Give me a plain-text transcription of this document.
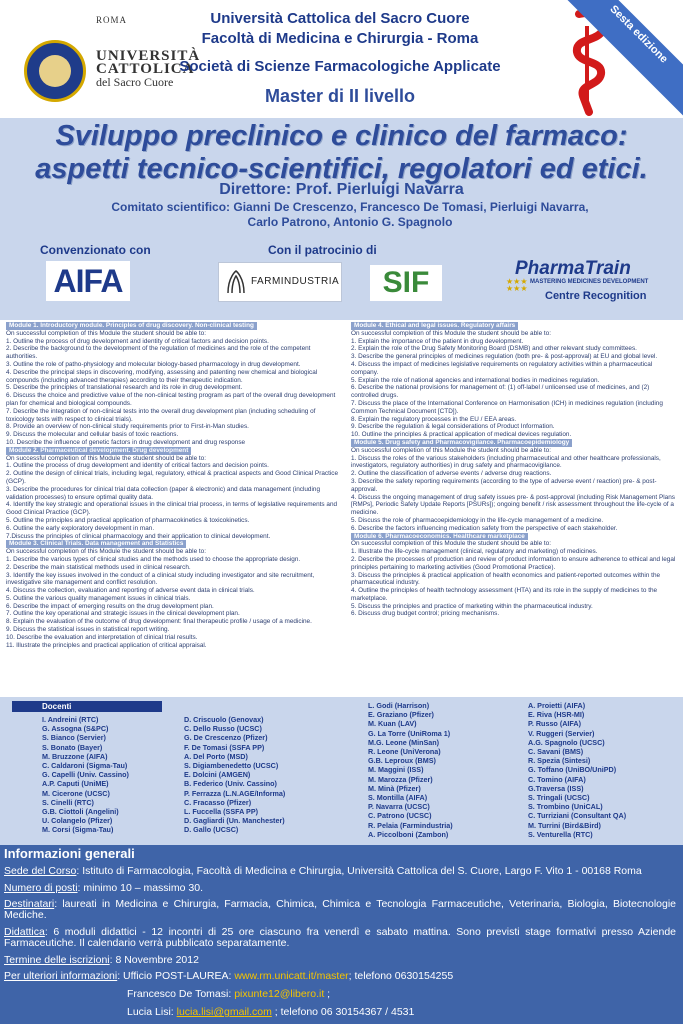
ROMA
UNIVERSITÀ
CATTOLICA
del Sacro Cuore
Università Cattolica del Sacro Cuore
Facoltà di Medicina e Chirurgia - Roma
Società di Scienze Farmacologiche Applicate
Master di II livello
Sesta edizione
Sviluppo preclinico e clinico del farmaco:
aspetti tecnico-scientifici, regolatori ed etici.
Direttore: Prof. Pierluigi Navarra
Comitato scientifico: Gianni De Crescenzo, Francesco De Tomasi, Pierluigi Navarra,
Carlo Patrono, Antonio G. Spagnolo
Convenzionato con	Con il patrocinio di
AIFA	FARMINDUSTRIA	SIF	PharmaTrain
★★★
★★★
MASTERING MEDICINES DEVELOPMENT
Centre Recognition
Module 1. Introductory module. Principles of drug discovery. Non-clinical testing
On successful completion of this Module the student should be able to:
1. Outline the process of drug development and identity of critical factors and decision points.
2. Describe the background to the development of the regulation of medicines and the role of the competent authorities.
3. Outline the role of patho-physiology and molecular biology-based pharmacology in drug development.
4. Describe the principal steps in discovering, modifying, assessing and patenting new chemical and biological compounds (including advanced therapies) according to their therapeutic indication.
5. Describe the principles of translational research and its role in drug development.
6. Discuss the choice and predictive value of the non-clinical testing program as part of the overall drug development plan for chemical and biological compounds.
7. Describe the integration of non-clinical tests into the overall drug development plan (including scheduling of toxicology tests with respect to clinical trials).
8. Provide an overview of non-clinical study requirements prior to First-in-Man studies.
9. Discuss the molecular and cellular basis of toxic reactions.
10. Describe the influence of genetic factors in drug development and drug response
Module 2. Pharmaceutical development. Drug development
On successful completion of this Module the student should be able to:
1. Outline the process of drug development and identity of critical factors and decision points.
2. Outline the design of clinical trials, including legal, regulatory, ethical & practical aspects and Good Clinical Practice (GCP).
3. Describe the procedures for clinical trial data collection (paper & electronic) and data management (including validation processes) to ensure optimal quality data.
4. Identify the key strategic and operational issues in the clinical trial process, in terms of legislative requirements and Good Clinical Practice (GCP).
5. Outline the principles and practical application of pharmacokinetics & toxicokinetics.
6. Outline the early exploratory development in man.
7.Discuss the principles of clinical pharmacology and their application to clinical development.
Module 3. Clinical Trials. Data management and Statistics
On successful completion of this Module the student should be able to:
1. Describe the various types of clinical studies and the methods used to choose the appropriate design.
2. Describe the main statistical methods used in clinical research.
3. Identify the key issues involved in the conduct of a clinical study including investigator and site recruitment, investigative site management and conflict resolution.
4. Discuss the collection, evaluation and reporting of adverse event data in clinical trials.
5. Outline the various quality management issues in clinical trials.
6. Describe the impact of emerging results on the drug development plan.
7. Outline the key operational and strategic issues in the clinical development plan.
8. Explain the evaluation of the outcome of drug development: final therapeutic profile / usage of a medicine.
9. Discuss the statistical issues in statistical report writing.
10. Describe the evaluation and interpretation of clinical trial results.
11. Illustrate the principles and practical application of critical appraisal.
Module 4. Ethical and legal issues. Regulatory affairs
On successful completion of this Module the student should be able to:
1. Explain the importance of the patient in drug development.
2. Explain the role of the Drug Safety Monitoring Board (DSMB) and other relevant study committees.
3. Describe the general principles of medicines regulation (both pre- & post-approval) at EU and global level.
4. Discuss the impact of medicines legislative requirements on regulatory activities within a pharmaceutical company.
5. Explain the role of national agencies and international bodies in medicines regulation.
6. Describe the national provisions for management of: (1) off-label / unlicensed use of medicines, and (2) controlled drugs.
7. Discuss the place of the International Conference on Harmonisation (ICH) in medicines regulation (including Common Technical Document [CTD]).
8. Explain the regulatory processes in the EU / EEA areas.
9. Describe the regulation & legal considerations of Product Information.
10. Outline the principles & practical application of medical devices regulation.
Module 5. Drug safety and Pharmacovigilance. Pharmacoepidemiology
On successful completion of this Module the student should be able to:
1. Discuss the roles of the various stakeholders (including pharmaceutical and other healthcare professionals, investigators, regulatory authorities) in drug safety and pharmacovigilance.
2. Outline the classification of adverse events / adverse drug reactions.
3. Describe the safety reporting requirements (according to the type of adverse event / reaction) pre- & post-approval.
4. Discuss the ongoing management of drug safety issues pre- & post-approval (including Risk Management Plans [RMPs], Periodic Safety Update Reports [PSURs]); ongoing benefit / risk assessment throughout the life-cycle of a medicine.
5. Discuss the role of pharmacoepidemiology in the life-cycle management of a medicine.
6. Describe the factors influencing medication safety from the perspective of each stakeholder.
Module 6. Pharmacoeconomics. Healthcare marketplace
On successful completion of this Module the student should be able to:
1. Illustrate the life-cycle management (clinical, regulatory and marketing) of medicines.
2. Describe the processes of production and review of product information to ensure adherence to ethical and legal principles pertaining to marketing activities (Good Promotional Practice).
3. Discuss the principles & practical application of health economics and patient-reported outcomes within the pharmaceutical industry.
4. Outline the principles of health technology assessment (HTA) and its role in the supply of medicines to the marketplace.
5. Discuss the principles and practice of marketing within the pharmaceutical industry.
6. Discuss drug budget control; pricing mechanisms.
Docenti
I. Andreini (RTC)
G. Assogna (S&PC)
S. Bianco (Servier)
S. Bonato (Bayer)
M. Bruzzone (AIFA)
C. Caldaroni (Sigma-Tau)
G. Capelli (Univ. Cassino)
A.P. Caputi (UniME)
M. Cicerone (UCSC)
S. Cinelli (RTC)
G.B. Ciottoli (Angelini)
U. Colangelo (Pfizer)
M. Corsi (Sigma-Tau)
D. Criscuolo (Genovax)
C. Dello Russo (UCSC)
G. De Crescenzo (Pfizer)
F. De Tomasi (SSFA PP)
A. Del Porto (MSD)
S. Digiambenedetto (UCSC)
E. Dolcini (AMGEN)
B. Federico (Univ. Cassino)
P. Ferrazza (L.N.AGE/Informa)
C. Fracasso (Pfizer)
L. Fuccella (SSFA PP)
D. Gagliardi (Un. Manchester)
D. Gallo (UCSC)
L. Godi (Harrison)
E. Graziano (Pfizer)
M. Kuan (LAV)
G. La Torre (UniRoma 1)
M.G. Leone (MinSan)
R. Leone (UniVerona)
G.B. Leproux (BMS)
M. Maggini (ISS)
M. Marozza (Pfizer)
M. Minà (Pfizer)
S. Montilla (AIFA)
P. Navarra (UCSC)
C. Patrono (UCSC)
R. Pelaia (Farmindustria)
A. Piccolboni (Zambon)
A. Proietti (AIFA)
E. Riva (HSR-MI)
P. Russo (AIFA)
V. Ruggeri (Servier)
A.G. Spagnolo (UCSC)
C. Savani (BMS)
R. Spezia (Sintesi)
G. Toffano (UniBO/UniPD)
C. Tomino (AIFA)
G.Traversa (ISS)
S. Tringali (UCSC)
S. Trombino (UniCAL)
C. Turriziani (Consultant QA)
M. Turrini (Bird&Bird)
S. Venturella (RTC)
Informazioni generali
Sede del Corso: Istituto di Farmacologia, Facoltà di Medicina e Chirurgia, Università Cattolica del S. Cuore, Largo F. Vito 1 - 00168 Roma
Numero di posti: minimo 10 – massimo 30.
Destinatari: laureati in Medicina e Chirurgia, Farmacia, Chimica, Chimica e Tecnologia Farmaceutiche, Veterinaria, Biologia, Biotecnologie Mediche.
Didattica: 6 moduli didattici - 12 incontri di 25 ore ciascuno fra venerdì e sabato mattina. Sono previsti stage formativi presso Aziende Farmaceutiche. Il calendario verrà pubblicato separatamente.
Termine delle iscrizioni: 8 Novembre 2012
Per ulteriori informazioni: Ufficio POST-LAUREA: www.rm.unicatt.it/master; telefono 0630154255
Francesco De Tomasi: pixunte12@libero.it ;
Lucia Lisi: lucia.lisi@gmail.com ; telefono 06 30154367 / 4531
